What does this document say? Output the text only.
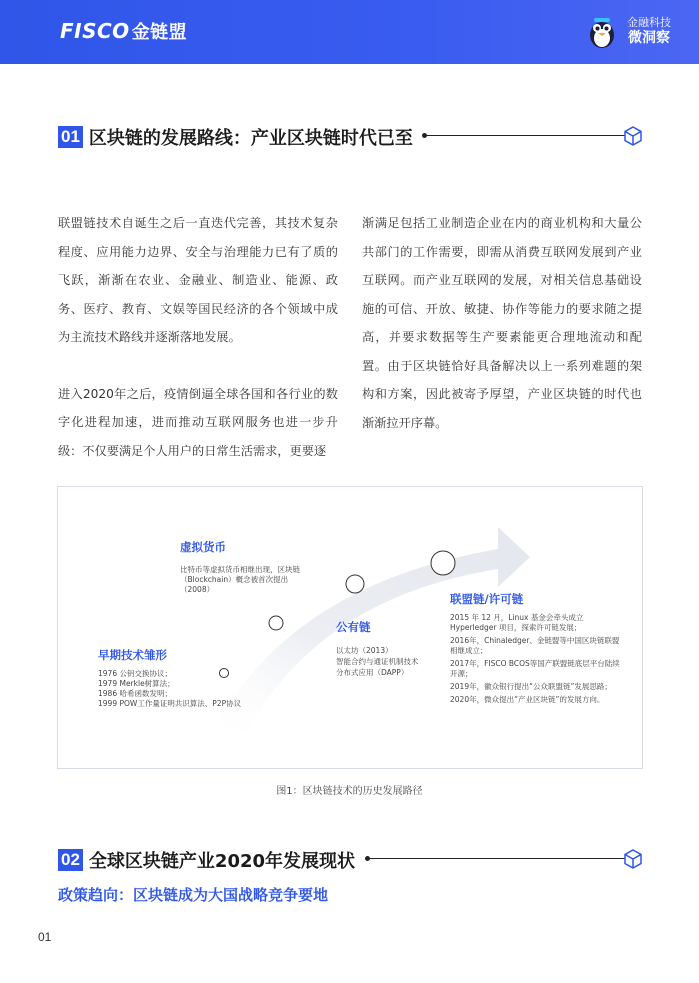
FISCO 金链盟	金融科技
微洞察
01 区块链的发展路线：产业区块链时代已至

联盟链技术自诞生之后一直迭代完善，其技术复杂程度、应用能力边界、安全与治理能力已有了质的飞跃，渐渐在农业、金融业、制造业、能源、政务、医疗、教育、文娱等国民经济的各个领域中成为主流技术路线并逐渐落地发展。

进入2020年之后，疫情倒逼全球各国和各行业的数字化进程加速，进而推动互联网服务也进一步升级：不仅要满足个人用户的日常生活需求，更要逐

渐满足包括工业制造企业在内的商业机构和大量公共部门的工作需要，即需从消费互联网发展到产业互联网。而产业互联网的发展，对相关信息基础设施的可信、开放、敏捷、协作等能力的要求随之提高，并要求数据等生产要素能更合理地流动和配置。由于区块链恰好具备解决以上一系列难题的架构和方案，因此被寄予厚望，产业区块链的时代也渐渐拉开序幕。

早期技术雏形
1976 公钥交换协议；
1979 Merkle树算法；
1986 哈希函数发明；
1999 POW工作量证明共识算法、P2P协议
虚拟货币
比特币等虚拟货币相继出现，区块链（Blockchain）概念被首次提出（2008）
公有链
以太坊（2013）
智能合约与通证机制技术
分布式应用（DAPP）
联盟链/许可链
2015 年 12 月，Linux 基金会牵头成立Hyperledger 项目，探索许可链发展；
2016年，Chinaledger、金链盟等中国区块链联盟相继成立；
2017年，FISCO BCOS等国产联盟链底层平台陆续开源；
2019年，徽众银行提出“公众联盟链”发展思路；
2020年，微众提出“产业区块链”的发展方向。
图1：区块链技术的历史发展路径
02 全球区块链产业2020年发展现状
政策趋向：区块链成为大国战略竞争要地
01
